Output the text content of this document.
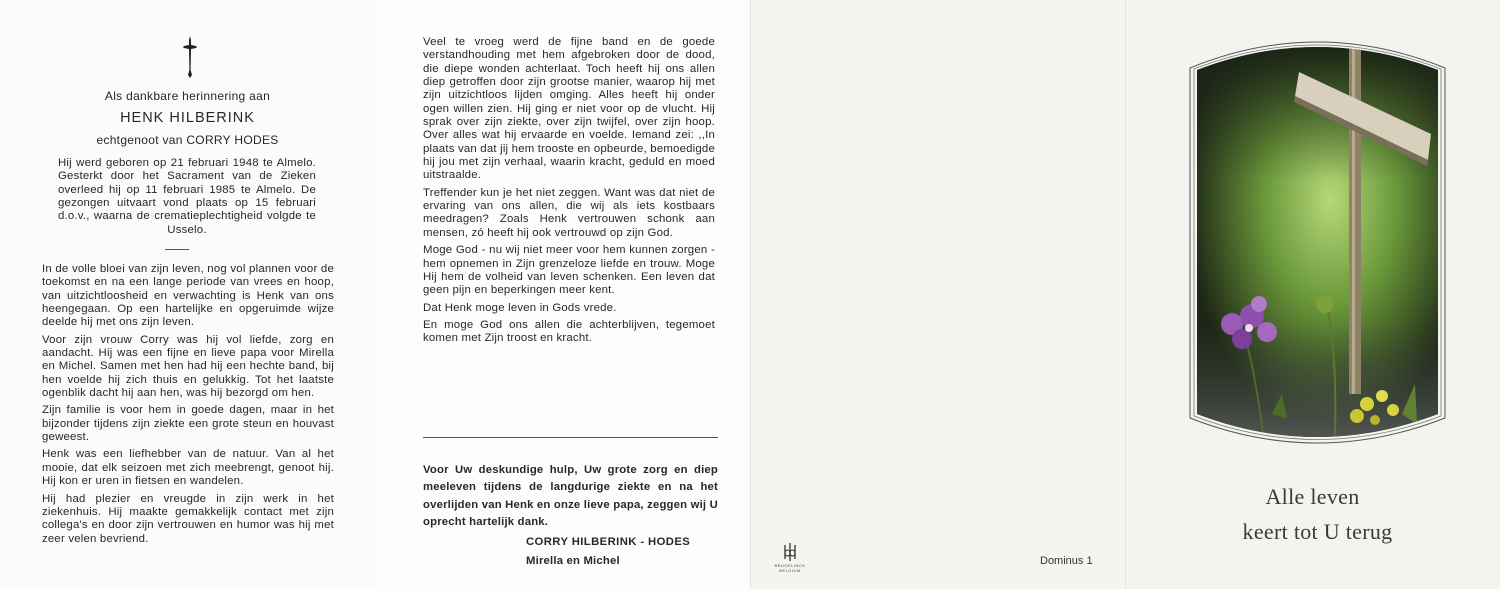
Als dankbare herinnering aan
HENK HILBERINK
echtgenoot van CORRY HODES
Hij werd geboren op 21 februari 1948 te Almelo. Gesterkt door het Sacrament van de Zieken overleed hij op 11 februari 1985 te Almelo. De gezongen uitvaart vond plaats op 15 februari d.o.v., waarna de crematieplechtigheid volgde te Usselo.

In de volle bloei van zijn leven, nog vol plannen voor de toekomst en na een lange periode van vrees en hoop, van uitzichtloosheid en verwachting is Henk van ons heengegaan. Op een hartelijke en opgeruimde wijze deelde hij met ons zijn leven.

Voor zijn vrouw Corry was hij vol liefde, zorg en aandacht. Hij was een fijne en lieve papa voor Mirella en Michel. Samen met hen had hij een hechte band, bij hen voelde hij zich thuis en gelukkig. Tot het laatste ogenblik dacht hij aan hen, was hij bezorgd om hen.

Zijn familie is voor hem in goede dagen, maar in het bijzonder tijdens zijn ziekte een grote steun en houvast geweest.

Henk was een liefhebber van de natuur. Van al het mooie, dat elk seizoen met zich meebrengt, genoot hij. Hij kon er uren in fietsen en wandelen.

Hij had plezier en vreugde in zijn werk in het ziekenhuis. Hij maakte gemakkelijk contact met zijn collega's en door zijn vertrouwen en humor was hij met zeer velen bevriend.

Veel te vroeg werd de fijne band en de goede verstandhouding met hem afgebroken door de dood, die diepe wonden achterlaat. Toch heeft hij ons allen diep getroffen door zijn grootse manier, waarop hij met zijn uitzichtloos lijden omging. Alles heeft hij onder ogen willen zien. Hij ging er niet voor op de vlucht. Hij sprak over zijn ziekte, over zijn twijfel, over zijn hoop. Over alles wat hij ervaarde en voelde. Iemand zei: ,,In plaats van dat jij hem trooste en opbeurde, bemoedigde hij jou met zijn verhaal, waarin kracht, geduld en moed uitstraalde.

Treffender kun je het niet zeggen. Want was dat niet de ervaring van ons allen, die wij als iets kostbaars meedragen? Zoals Henk vertrouwen schonk aan mensen, zó heeft hij ook vertrouwd op zijn God.

Moge God - nu wij niet meer voor hem kunnen zorgen - hem opnemen in Zijn grenzeloze liefde en trouw. Moge Hij hem de volheid van leven schenken. Een leven dat geen pijn en beperkingen meer kent.

Dat Henk moge leven in Gods vrede.

En moge God ons allen die achterblijven, tegemoet komen met Zijn troost en kracht.

Voor Uw deskundige hulp, Uw grote zorg en diep meeleven tijdens de langdurige ziekte en na het overlijden van Henk en onze lieve papa, zeggen wij U oprecht hartelijk dank.
CORRY HILBERINK - HODES
Mirella en Michel	BRUGELINCK BELGIUM
Dominus 1
Alle leven
keert tot U terug
